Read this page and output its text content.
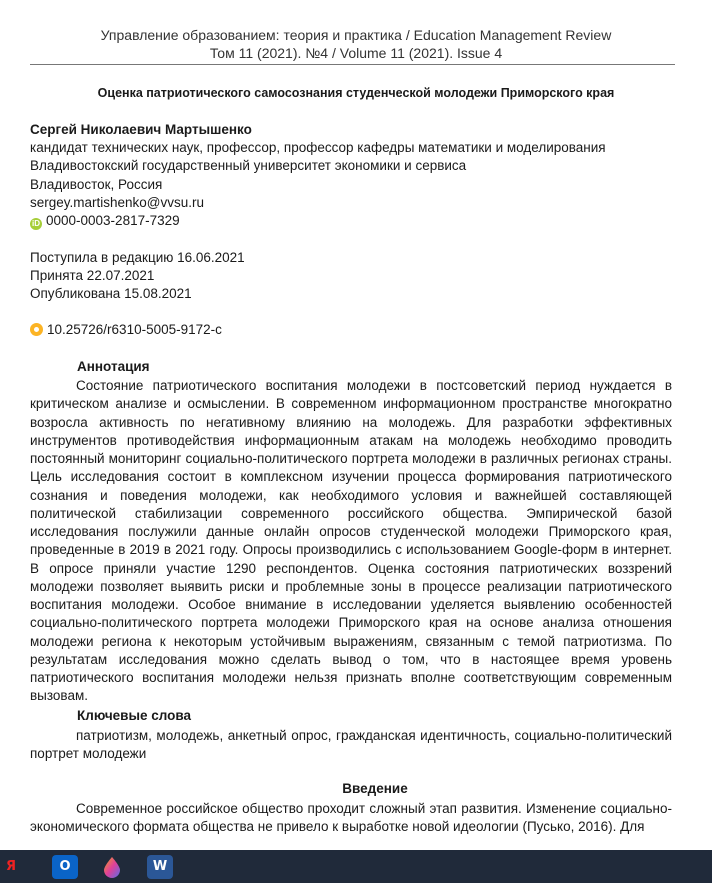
Управление образованием: теория и практика / Education Management Review
Том 11 (2021). №4 / Volume 11 (2021). Issue 4
Оценка патриотического самосознания студенческой молодежи Приморского края
Сергей Николаевич Мартышенко
кандидат технических наук, профессор, профессор кафедры математики и моделирования
Владивостокский государственный университет экономики и сервиса
Владивосток, Россия
sergey.martishenko@vvsu.ru
iD 0000-0003-2817-7329
Поступила в редакцию 16.06.2021
Принята 22.07.2021
Опубликована 15.08.2021
10.25726/r6310-5005-9172-c
Аннотация

Состояние патриотического воспитания молодежи в постсоветский период нуждается в критическом анализе и осмыслении. В современном информационном пространстве многократно возросла активность по негативному влиянию на молодежь. Для разработки эффективных инструментов противодействия информационным атакам на молодежь необходимо проводить постоянный мониторинг социально-политического портрета молодежи в различных регионах страны. Цель исследования состоит в комплексном изучении процесса формирования патриотического сознания и поведения молодежи, как необходимого условия и важнейшей составляющей политической стабилизации современного российского общества. Эмпирической базой исследования послужили данные онлайн опросов студенческой молодежи Приморского края, проведенные в 2019 в 2021 году. Опросы производились с использованием Google-форм в интернет. В опросе приняли участие 1290 респондентов. Оценка состояния патриотических воззрений молодежи позволяет выявить риски и проблемные зоны в процессе реализации патриотического воспитания молодежи. Особое внимание в исследовании уделяется выявлению особенностей социально-политического портрета молодежи Приморского края на основе анализа отношения молодежи региона к некоторым устойчивым выражениям, связанным с темой патриотизма. По результатам исследования можно сделать вывод о том, что в настоящее время уровень патриотического воспитания молодежи нельзя признать вполне соответствующим современным вызовам.

Ключевые слова

патриотизм, молодежь, анкетный опрос, гражданская идентичность, социально-политический портрет молодежи

Введение

Современное российское общество проходит сложный этап развития. Изменение социально-экономического формата общества не привело к выработке новой идеологии (Пусько, 2016). Для

Я	O	W
